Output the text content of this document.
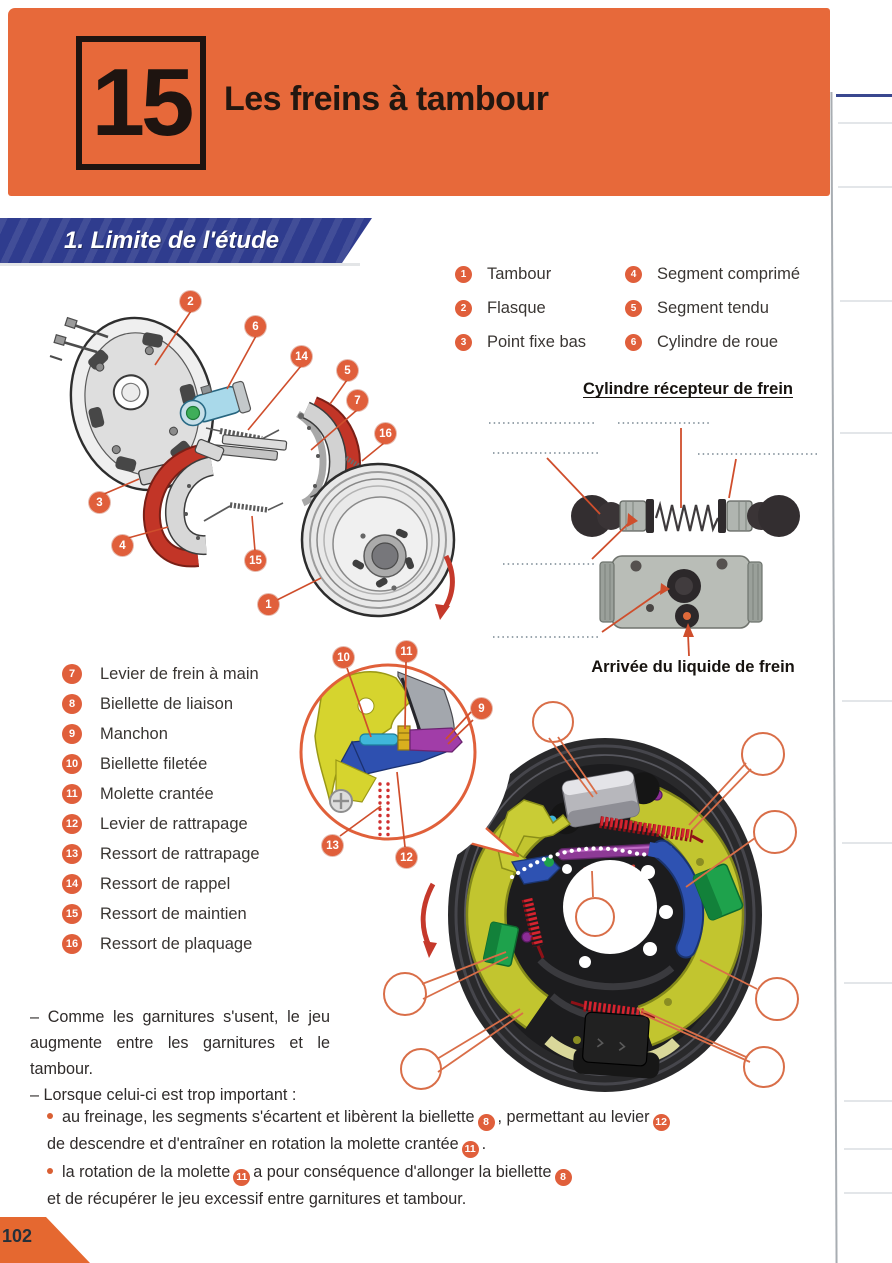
15 Les freins à tambour
1. Limite de l'étude
1	Tambour
2	Flasque
3	Point fixe bas
4	Segment comprimé
5	Segment tendu
6	Cylindre de roue
Cylindre récepteur de frein
Arrivée du liquide de frein
7	Levier de frein à main
8	Biellette de liaison
9	Manchon
10 Biellette filetée
11 Molette crantée
12 Levier de rattrapage
13 Ressort de rattrapage
14 Ressort de rappel
15 Ressort de maintien
16 Ressort de plaquage
2
6
14
5
7
16
3
4
15
1
10	11
9
13
12
– Comme les garnitures s'usent, le jeu augmente entre les garnitures et le tambour.
– Lorsque celui-ci est trop important :
au freinage, les segments s'écartent et libèrent la biellette 8 , permettant au levier 12
de descendre et d'entraîner en rotation la molette crantée 11 .
la rotation de la molette 11 a pour conséquence d'allonger la biellette 8
et de récupérer le jeu excessif entre garnitures et tambour.
102
